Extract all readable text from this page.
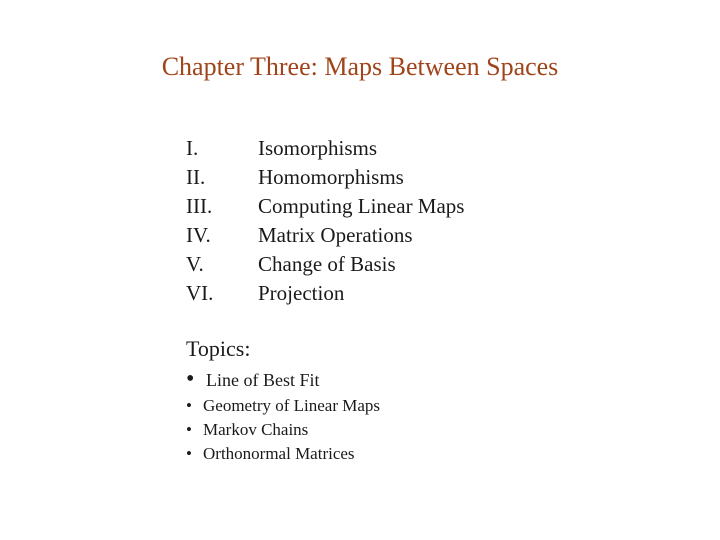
Chapter Three: Maps Between Spaces
I.	Isomorphisms
II.	Homomorphisms
III. Computing Linear Maps
IV. Matrix Operations
V.	Change of Basis
VI. Projection
Topics:
• Line of Best Fit
• Geometry of Linear Maps
• Markov Chains
• Orthonormal Matrices
